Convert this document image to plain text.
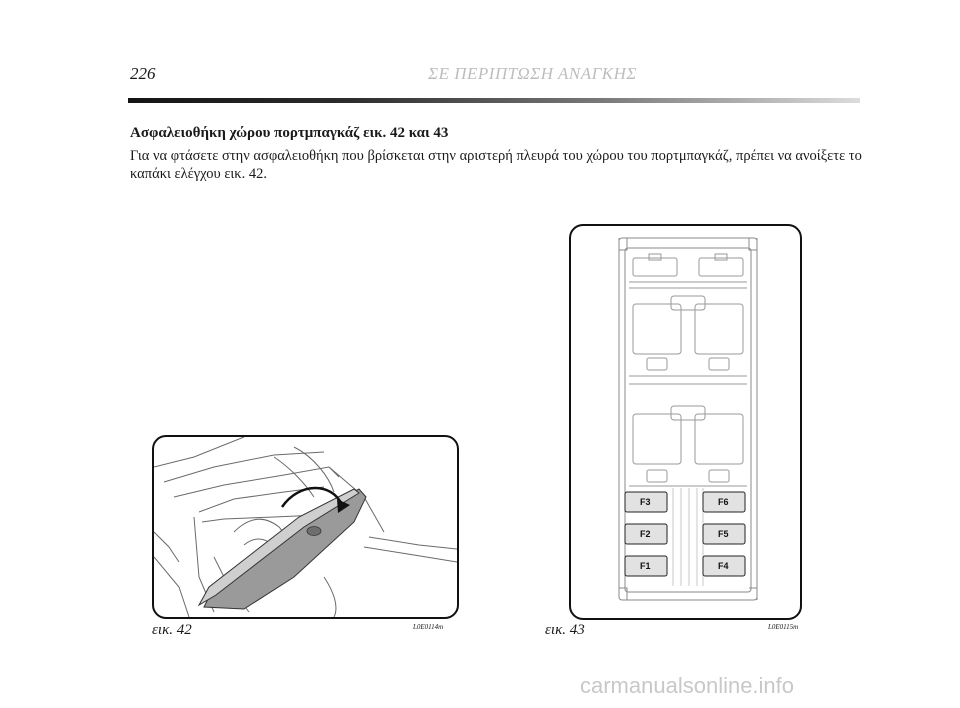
226	ΣΕ ΠΕΡΙΠΤΩΣΗ ΑΝΑΓΚΗΣ
Ασφαλειοθήκη χώρου πορτμπαγκάζ εικ. 42 και 43
Για να φτάσετε στην ασφαλειοθήκη που βρίσκεται στην αριστερή πλευρά του χώρου του πορτμπαγκάζ, πρέπει να ανοίξετε το καπάκι ελέγχου εικ. 42.
εικ. 42	L0E0114m
F3
F2
F1
F6
F5
F4
εικ. 43	L0E0115m
carmanualsonline.info
